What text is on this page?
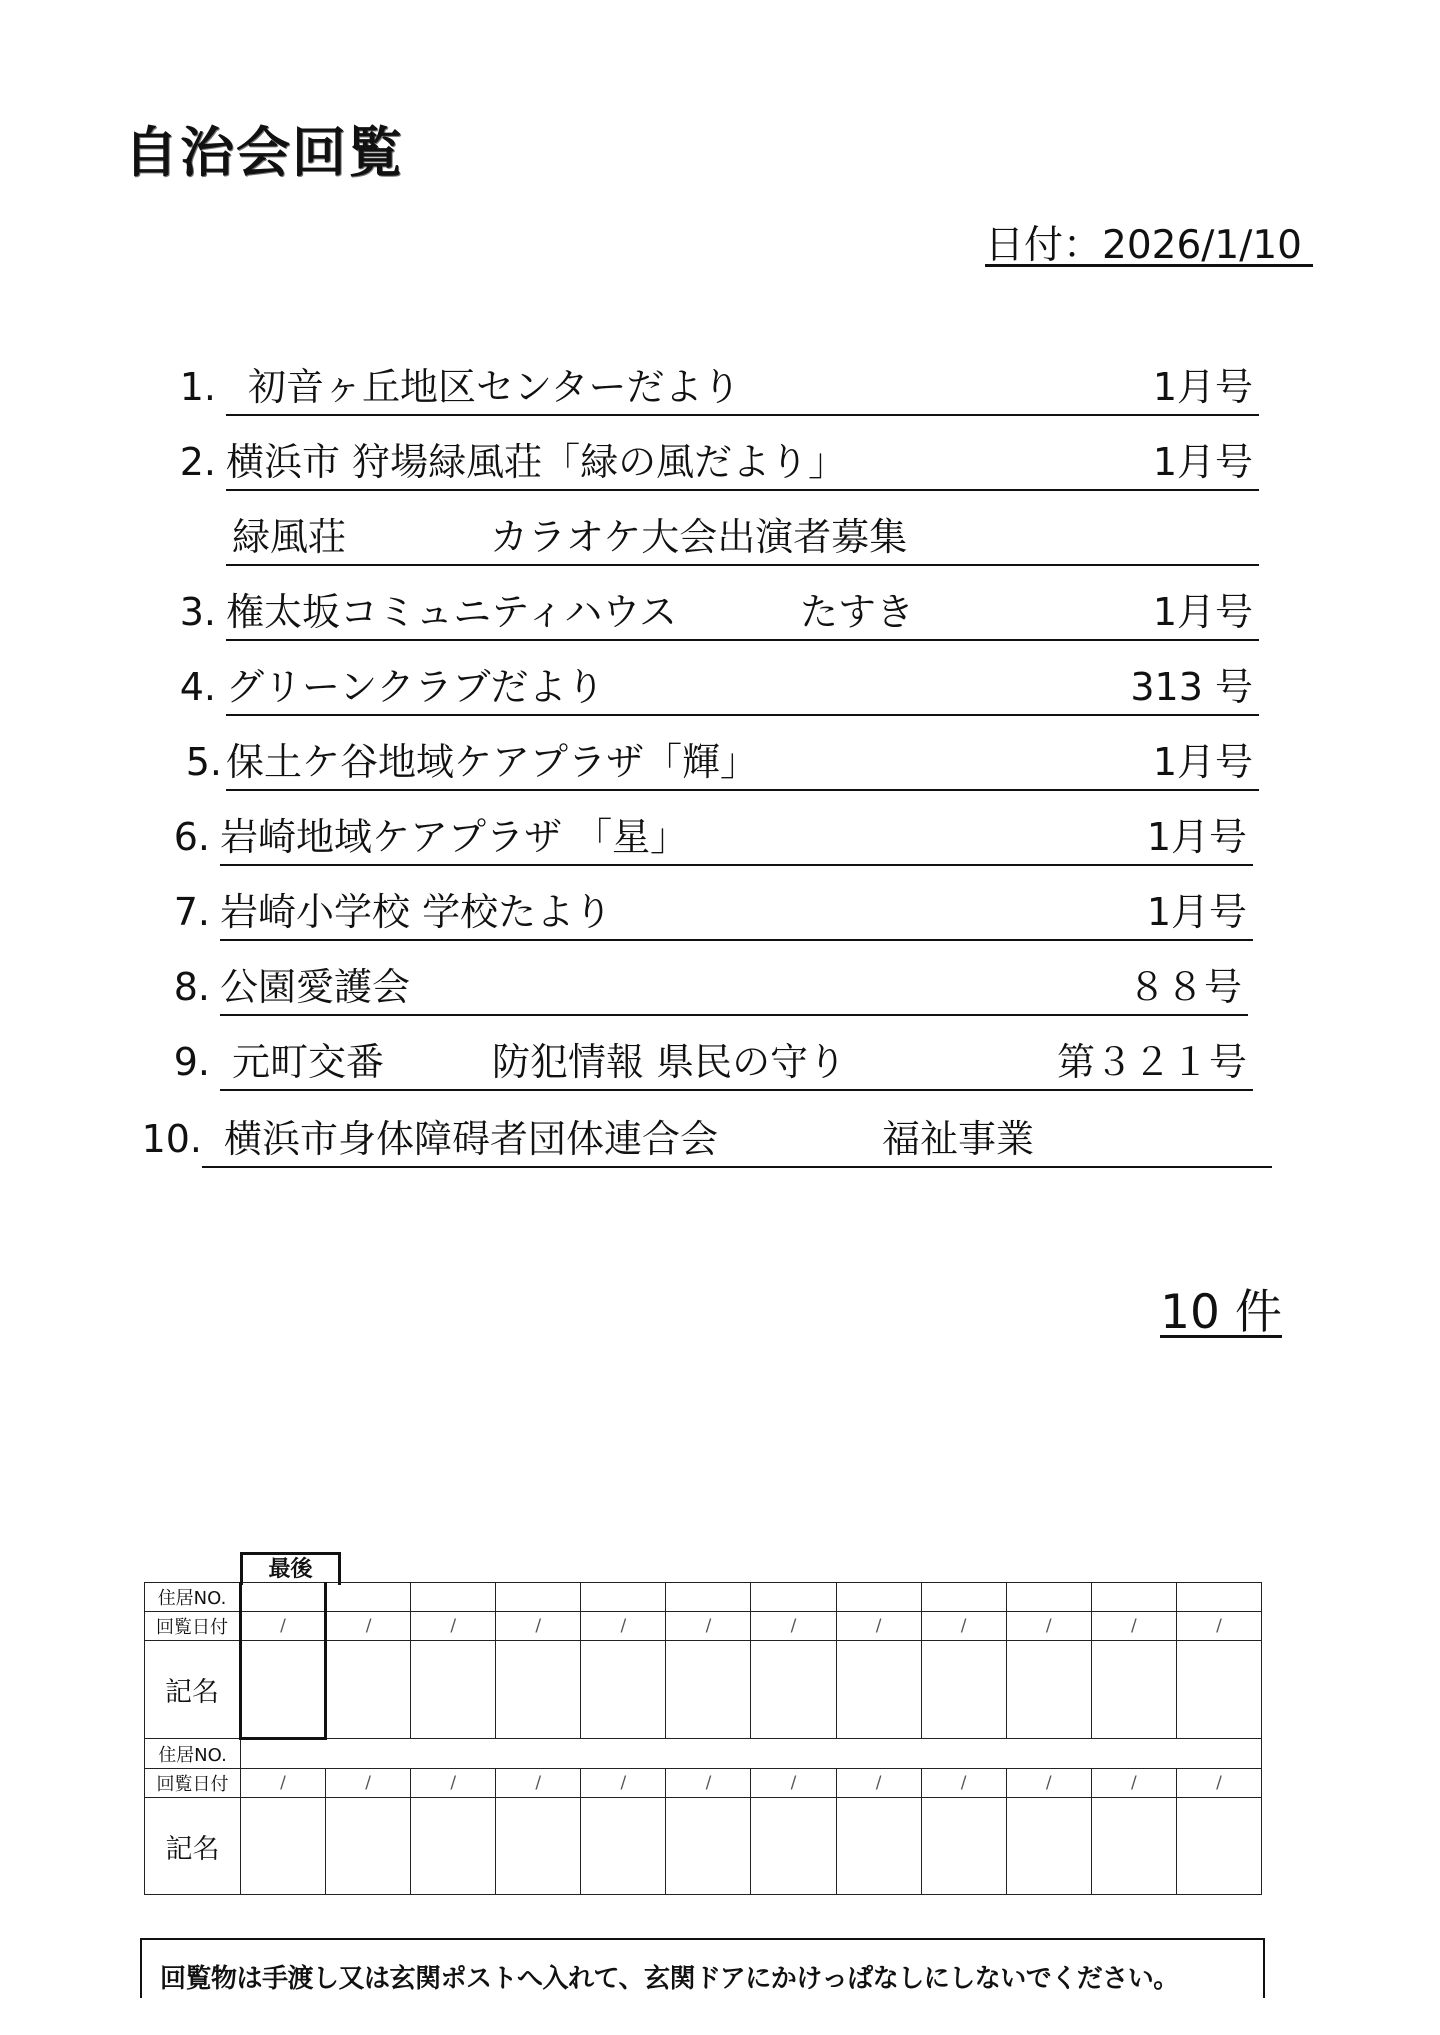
自治会回覧
日付：2026/1/10
1. 初音ヶ丘地区センターだより	1月号
2. 横浜市 狩場緑風荘「緑の風だより」	1月号
緑風荘	カラオケ大会出演者募集
3. 権太坂コミュニティハウス	たすき	1月号
4. グリーンクラブだより	313 号
5. 保土ケ谷地域ケアプラザ「輝」	1月号
6. 岩崎地域ケアプラザ 「星」	1月号
7. 岩崎小学校 学校たより	1月号
8. 公園愛護会	８８号
9. 元町交番	防犯情報 県民の守り	第３２１号
10. 横浜市身体障碍者団体連合会	福祉事業
10 件
最後
住居NO.												
回覧日付	/	/	/	/	/	/	/	/	/	/	/	/
記名												
住居NO.												
回覧日付	/	/	/	/	/	/	/	/	/	/	/	/
記名												
回覧物は手渡し又は玄関ポストへ入れて、玄関ドアにかけっぱなしにしないでください。
